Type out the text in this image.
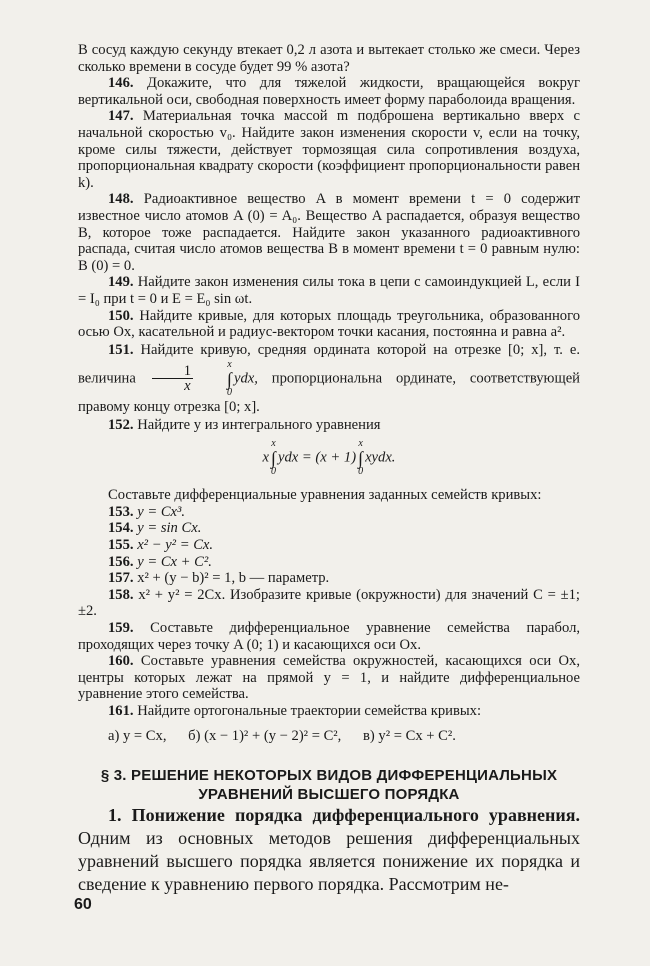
В сосуд каждую секунду втекает 0,2 л азота и вытекает столько же смеси. Через сколько времени в сосуде будет 99 % азота?

146. Докажите, что для тяжелой жидкости, вращающейся вокруг вертикальной оси, свободная поверхность имеет форму параболоида вращения.

147. Материальная точка массой m подброшена вертикально вверх с начальной скоростью v₀. Найдите закон изменения скорости v, если на точку, кроме силы тяжести, действует тормозящая сила сопротивления воздуха, пропорциональная квадрату скорости (коэффициент пропорциональности равен k).

148. Радиоактивное вещество A в момент времени t = 0 содержит известное число атомов A (0) = A₀. Вещество A распадается, образуя вещество B, которое тоже распадается. Найдите закон указанного радиоактивного распада, считая число атомов вещества B в момент времени t = 0 равным нулю: B (0) = 0.

149. Найдите закон изменения силы тока в цепи с самоиндукцией L, если I = I₀ при t = 0 и E = E₀ sin ωt.

150. Найдите кривые, для которых площадь треугольника, образованного осью Ox, касательной и радиус-вектором точки касания, постоянна и равна a².

151. Найдите кривую, средняя ордината которой на отрезке [0; x], т. е. величина $\frac{1}{x}$	x
∫
0
ydx, пропорциональна ординате, соответствующей правому концу отрезка [0; x].

152. Найдите y из интегрального уравнения

x
x
∫
0
ydx = (x + 1)
x
∫
0
xydx.

Составьте дифференциальные уравнения заданных семейств кривых:

153. y = Cx³.

154. y = sin Cx.

155. x² − y² = Cx.

156. y = Cx + C².

157. x² + (y − b)² = 1, b — параметр.

158. x² + y² = 2Cx. Изобразите кривые (окружности) для значений C = ±1; ±2.

159. Составьте дифференциальное уравнение семейства парабол, проходящих через точку A (0; 1) и касающихся оси Ox.

160. Составьте уравнения семейства окружностей, касающихся оси Ox, центры которых лежат на прямой y = 1, и найдите дифференциальное уравнение этого семейства.

161. Найдите ортогональные траектории семейства кривых:

а) y = Cx, б) (x − 1)² + (y − 2)² = C², в) y² = Cx + C².
§ 3. РЕШЕНИЕ НЕКОТОРЫХ ВИДОВ ДИФФЕРЕНЦИАЛЬНЫХ
УРАВНЕНИЙ ВЫСШЕГО ПОРЯДКА

1. Понижение порядка дифференциального уравнения. Одним из основных методов решения дифференциальных уравнений высшего порядка является понижение их порядка и сведение к уравнению первого порядка. Рассмотрим не-

60
